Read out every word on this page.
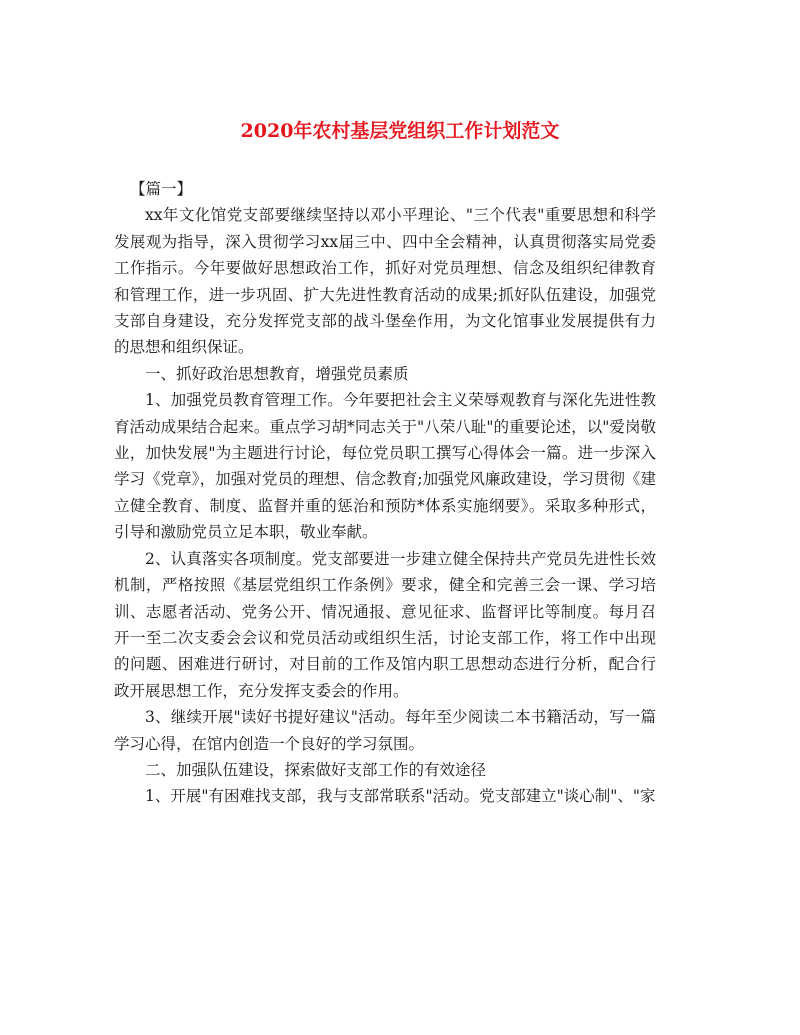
2020年农村基层党组织工作计划范文

【篇一】

xx年文化馆党支部要继续坚持以邓小平理论、"三个代表"重要思想和科学发展观为指导，深入贯彻学习xx届三中、四中全会精神，认真贯彻落实局党委工作指示。今年要做好思想政治工作，抓好对党员理想、信念及组织纪律教育和管理工作，进一步巩固、扩大先进性教育活动的成果;抓好队伍建设，加强党支部自身建设，充分发挥党支部的战斗堡垒作用，为文化馆事业发展提供有力的思想和组织保证。

一、抓好政治思想教育，增强党员素质

1、加强党员教育管理工作。今年要把社会主义荣辱观教育与深化先进性教育活动成果结合起来。重点学习胡*同志关于"八荣八耻"的重要论述，以"爱岗敬业，加快发展"为主题进行讨论，每位党员职工撰写心得体会一篇。进一步深入学习《党章》，加强对党员的理想、信念教育;加强党风廉政建设，学习贯彻《建立健全教育、制度、监督并重的惩治和预防*体系实施纲要》。采取多种形式，引导和激励党员立足本职，敬业奉献。

2、认真落实各项制度。党支部要进一步建立健全保持共产党员先进性长效机制，严格按照《基层党组织工作条例》要求，健全和完善三会一课、学习培训、志愿者活动、党务公开、情况通报、意见征求、监督评比等制度。每月召开一至二次支委会会议和党员活动或组织生活，讨论支部工作，将工作中出现的问题、困难进行研讨，对目前的工作及馆内职工思想动态进行分析，配合行政开展思想工作，充分发挥支委会的作用。

3、继续开展"读好书提好建议"活动。每年至少阅读二本书籍活动，写一篇学习心得，在馆内创造一个良好的学习氛围。

二、加强队伍建设，探索做好支部工作的有效途径

1、开展"有困难找支部，我与支部常联系"活动。党支部建立"谈心制"、"家
